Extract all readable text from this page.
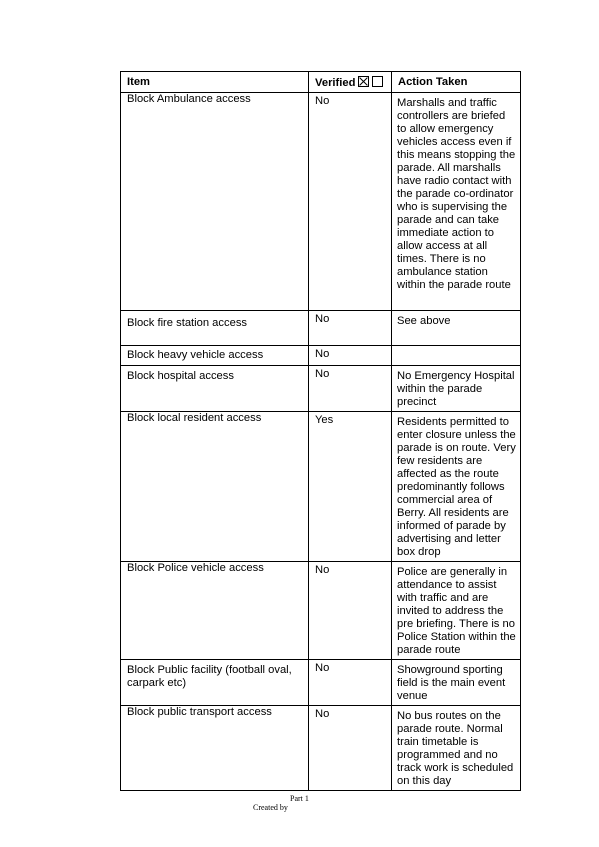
Item	Verified	Action Taken

Block Ambulance access	No	Marshalls and traffic controllers are briefed to allow emergency vehicles access even if this means stopping the parade. All marshalls have radio contact with the parade co-ordinator who is supervising the parade and can take immediate action to allow access at all times. There is no ambulance station within the parade route

Block fire station access	No	See above

Block heavy vehicle access	No	

Block hospital access	No	No Emergency Hospital within the parade precinct

Block local resident access	Yes	Residents permitted to enter closure unless the parade is on route. Very few residents are affected as the route predominantly follows commercial area of Berry. All residents are informed of parade by advertising and letter box drop

Block Police vehicle access	No	Police are generally in attendance to assist with traffic and are invited to address the pre briefing. There is no Police Station within the parade route

Block Public facility (football oval, carpark etc)	No	Showground sporting field is the main event venue

Block public transport access	No	No bus routes on the parade route. Normal train timetable is programmed and no track work is scheduled on this day
Part 1
Created by
